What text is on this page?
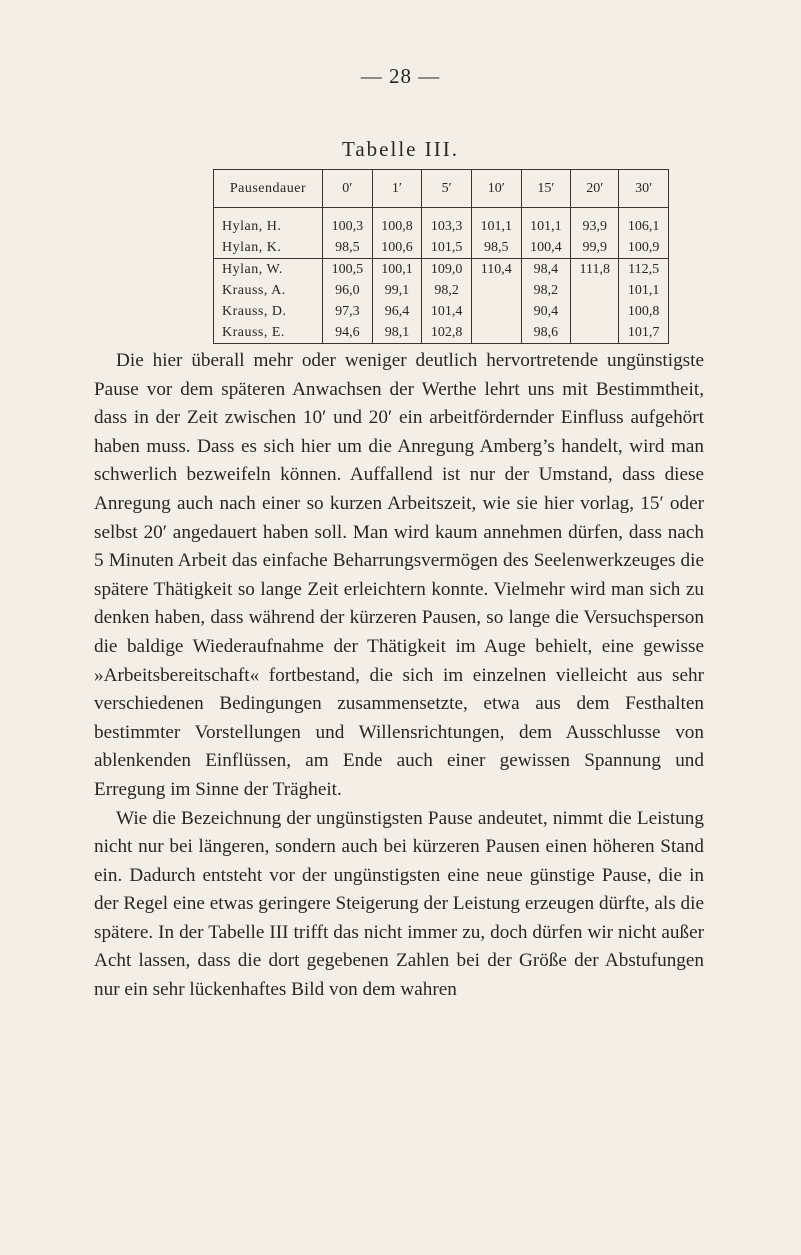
— 28 —
Tabelle III.
Pausendauer	0′	1′	5′	10′	15′	20′	30′
Hylan, H.	100,3	100,8	103,3	101,1	101,1	93,9	106,1
Hylan, K.	98,5	100,6	101,5	98,5	100,4	99,9	100,9
Hylan, W.	100,5	100,1	109,0	110,4	98,4	111,8	112,5
Krauss, A.	96,0	99,1	98,2		98,2		101,1
Krauss, D.	97,3	96,4	101,4		90,4		100,8
Krauss, E.	94,6	98,1	102,8		98,6		101,7

Die hier überall mehr oder weniger deutlich hervortretende ungünstigste Pause vor dem späteren Anwachsen der Werthe lehrt uns mit Bestimmtheit, dass in der Zeit zwischen 10′ und 20′ ein arbeitfördernder Einfluss aufgehört haben muss. Dass es sich hier um die Anregung Amberg’s handelt, wird man schwerlich bezweifeln können. Auffallend ist nur der Umstand, dass diese Anregung auch nach einer so kurzen Arbeitszeit, wie sie hier vorlag, 15′ oder selbst 20′ angedauert haben soll. Man wird kaum annehmen dürfen, dass nach 5 Minuten Arbeit das einfache Beharrungsvermögen des Seelenwerkzeuges die spätere Thätigkeit so lange Zeit erleichtern konnte. Vielmehr wird man sich zu denken haben, dass während der kürzeren Pausen, so lange die Versuchsperson die baldige Wiederaufnahme der Thätigkeit im Auge behielt, eine gewisse »Arbeitsbereitschaft« fortbestand, die sich im einzelnen vielleicht aus sehr verschiedenen Bedingungen zusammensetzte, etwa aus dem Festhalten bestimmter Vorstellungen und Willensrichtungen, dem Ausschlusse von ablenkenden Einflüssen, am Ende auch einer gewissen Spannung und Erregung im Sinne der Trägheit.

Wie die Bezeichnung der ungünstigsten Pause andeutet, nimmt die Leistung nicht nur bei längeren, sondern auch bei kürzeren Pausen einen höheren Stand ein. Dadurch entsteht vor der ungünstigsten eine neue günstige Pause, die in der Regel eine etwas geringere Steigerung der Leistung erzeugen dürfte, als die spätere. In der Tabelle III trifft das nicht immer zu, doch dürfen wir nicht außer Acht lassen, dass die dort gegebenen Zahlen bei der Größe der Abstufungen nur ein sehr lückenhaftes Bild von dem wahren
